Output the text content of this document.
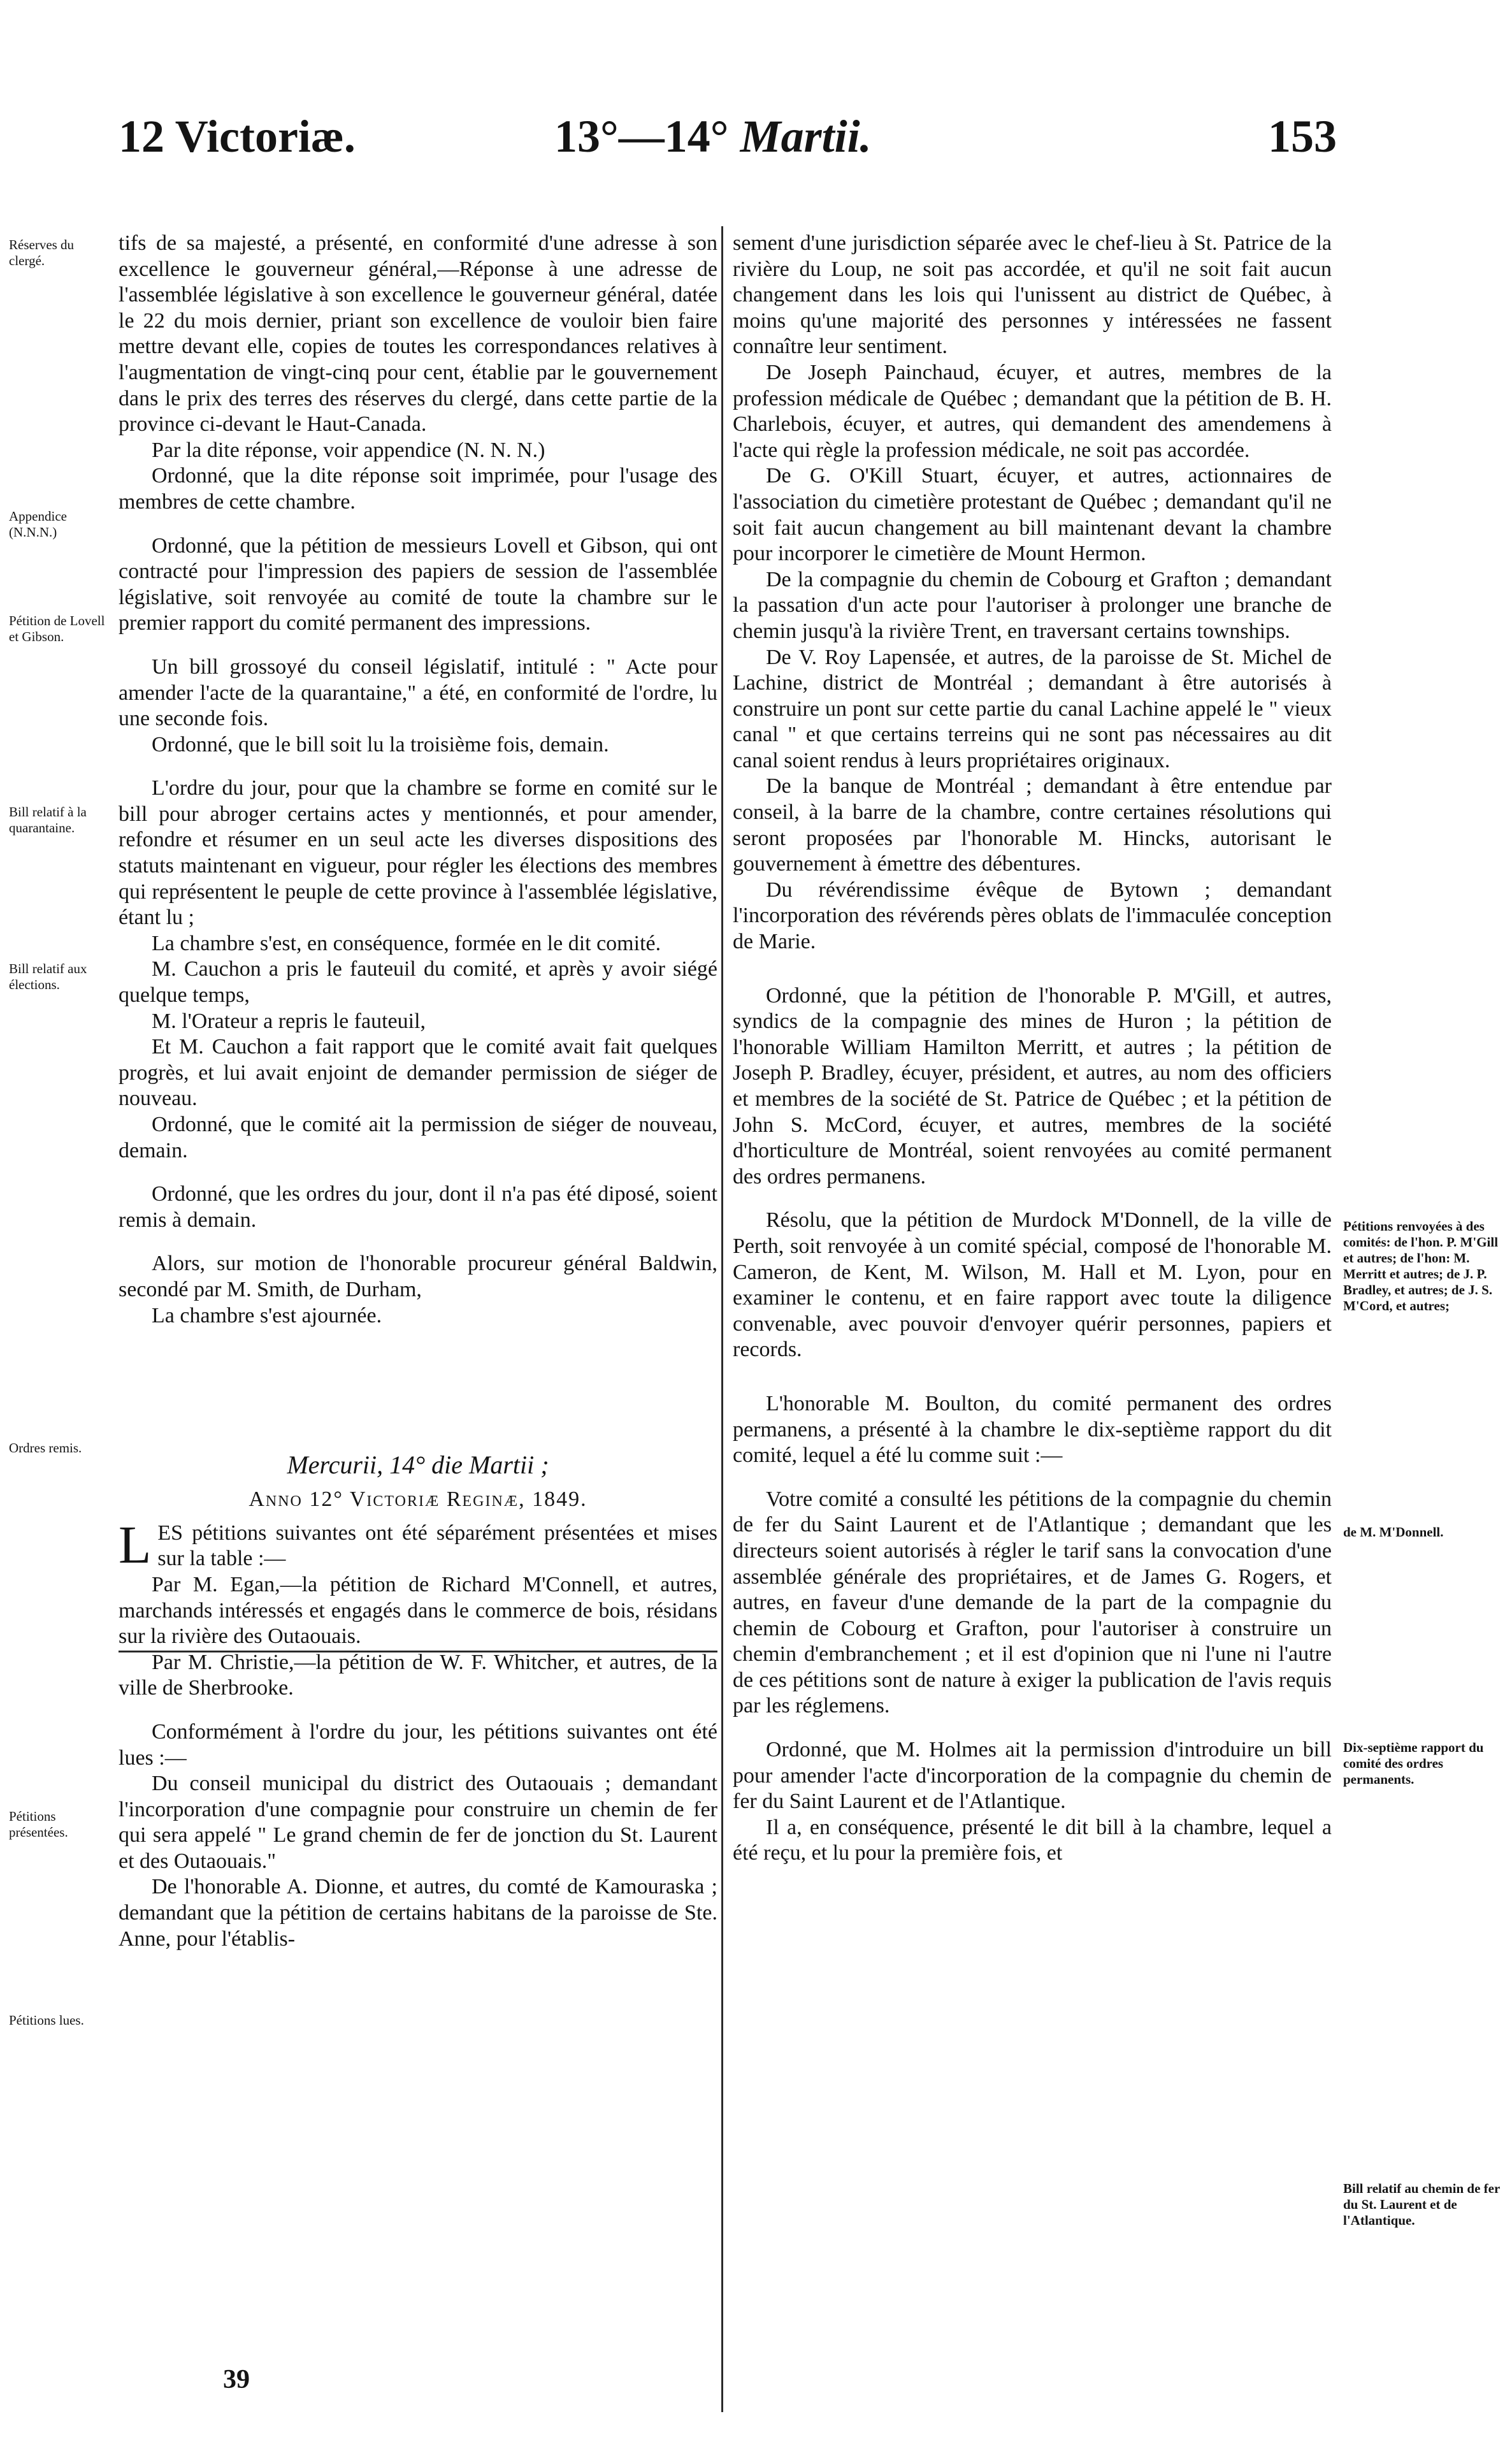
12 Victoriæ.	13°—14° Martii.	153
Réserves du clergé.
Appendice (N.N.N.)
Pétition de Lovell et Gibson.
Bill relatif à la quarantaine.
Bill relatif aux élections.
Ordres remis.
Pétitions présentées.
Pétitions lues.
Pétitions renvoyées à des comités: de l'hon. P. M'Gill et autres; de l'hon: M. Merritt et autres; de J. P. Bradley, et autres; de J. S. M'Cord, et autres;
de M. M'Donnell.
Dix-septième rapport du comité des ordres permanents.
Bill relatif au chemin de fer du St. Laurent et de l'Atlantique.

tifs de sa majesté, a présenté, en conformité d'une adresse à son excellence le gouverneur général,—Réponse à une adresse de l'assemblée législative à son excellence le gouverneur général, datée le 22 du mois dernier, priant son excellence de vouloir bien faire mettre devant elle, copies de toutes les correspondances relatives à l'augmentation de vingt-cinq pour cent, établie par le gouvernement dans le prix des terres des réserves du clergé, dans cette partie de la province ci-devant le Haut-Canada.

Par la dite réponse, voir appendice (N. N. N.)

Ordonné, que la dite réponse soit imprimée, pour l'usage des membres de cette chambre.

Ordonné, que la pétition de messieurs Lovell et Gibson, qui ont contracté pour l'impression des papiers de session de l'assemblée législative, soit renvoyée au comité de toute la chambre sur le premier rapport du comité permanent des impressions.

Un bill grossoyé du conseil législatif, intitulé : " Acte pour amender l'acte de la quarantaine," a été, en conformité de l'ordre, lu une seconde fois.

Ordonné, que le bill soit lu la troisième fois, demain.

L'ordre du jour, pour que la chambre se forme en comité sur le bill pour abroger certains actes y mentionnés, et pour amender, refondre et résumer en un seul acte les diverses dispositions des statuts maintenant en vigueur, pour régler les élections des membres qui représentent le peuple de cette province à l'assemblée législative, étant lu ;

La chambre s'est, en conséquence, formée en le dit comité.

M. Cauchon a pris le fauteuil du comité, et après y avoir siégé quelque temps,

M. l'Orateur a repris le fauteuil,

Et M. Cauchon a fait rapport que le comité avait fait quelques progrès, et lui avait enjoint de demander permission de siéger de nouveau.

Ordonné, que le comité ait la permission de siéger de nouveau, demain.

Ordonné, que les ordres du jour, dont il n'a pas été diposé, soient remis à demain.

Alors, sur motion de l'honorable procureur général Baldwin, secondé par M. Smith, de Durham,

La chambre s'est ajournée.

Mercurii, 14° die Martii ;

Anno 12° Victoriæ Reginæ, 1849.

LES pétitions suivantes ont été séparément présentées et mises sur la table :—

Par M. Egan,—la pétition de Richard M'Connell, et autres, marchands intéressés et engagés dans le commerce de bois, résidans sur la rivière des Outaouais.

Par M. Christie,—la pétition de W. F. Whitcher, et autres, de la ville de Sherbrooke.

Conformément à l'ordre du jour, les pétitions suivantes ont été lues :—

Du conseil municipal du district des Outaouais ; demandant l'incorporation d'une compagnie pour construire un chemin de fer qui sera appelé " Le grand chemin de fer de jonction du St. Laurent et des Outaouais."

De l'honorable A. Dionne, et autres, du comté de Kamouraska ; demandant que la pétition de certains habitans de la paroisse de Ste. Anne, pour l'établis-

sement d'une jurisdiction séparée avec le chef-lieu à St. Patrice de la rivière du Loup, ne soit pas accordée, et qu'il ne soit fait aucun changement dans les lois qui l'unissent au district de Québec, à moins qu'une majorité des personnes y intéressées ne fassent connaître leur sentiment.

De Joseph Painchaud, écuyer, et autres, membres de la profession médicale de Québec ; demandant que la pétition de B. H. Charlebois, écuyer, et autres, qui demandent des amendemens à l'acte qui règle la profession médicale, ne soit pas accordée.

De G. O'Kill Stuart, écuyer, et autres, actionnaires de l'association du cimetière protestant de Québec ; demandant qu'il ne soit fait aucun changement au bill maintenant devant la chambre pour incorporer le cimetière de Mount Hermon.

De la compagnie du chemin de Cobourg et Grafton ; demandant la passation d'un acte pour l'autoriser à prolonger une branche de chemin jusqu'à la rivière Trent, en traversant certains townships.

De V. Roy Lapensée, et autres, de la paroisse de St. Michel de Lachine, district de Montréal ; demandant à être autorisés à construire un pont sur cette partie du canal Lachine appelé le " vieux canal " et que certains terreins qui ne sont pas nécessaires au dit canal soient rendus à leurs propriétaires originaux.

De la banque de Montréal ; demandant à être entendue par conseil, à la barre de la chambre, contre certaines résolutions qui seront proposées par l'honorable M. Hincks, autorisant le gouvernement à émettre des débentures.

Du révérendissime évêque de Bytown ; demandant l'incorporation des révérends pères oblats de l'immaculée conception de Marie.

Ordonné, que la pétition de l'honorable P. M'Gill, et autres, syndics de la compagnie des mines de Huron ; la pétition de l'honorable William Hamilton Merritt, et autres ; la pétition de Joseph P. Bradley, écuyer, président, et autres, au nom des officiers et membres de la société de St. Patrice de Québec ; et la pétition de John S. McCord, écuyer, et autres, membres de la société d'horticulture de Montréal, soient renvoyées au comité permanent des ordres permanens.

Résolu, que la pétition de Murdock M'Donnell, de la ville de Perth, soit renvoyée à un comité spécial, composé de l'honorable M. Cameron, de Kent, M. Wilson, M. Hall et M. Lyon, pour en examiner le contenu, et en faire rapport avec toute la diligence convenable, avec pouvoir d'envoyer quérir personnes, papiers et records.

L'honorable M. Boulton, du comité permanent des ordres permanens, a présenté à la chambre le dix-septième rapport du dit comité, lequel a été lu comme suit :—

Votre comité a consulté les pétitions de la compagnie du chemin de fer du Saint Laurent et de l'Atlantique ; demandant que les directeurs soient autorisés à régler le tarif sans la convocation d'une assemblée générale des propriétaires, et de James G. Rogers, et autres, en faveur d'une demande de la part de la compagnie du chemin de Cobourg et Grafton, pour l'autoriser à construire un chemin d'embranchement ; et il est d'opinion que ni l'une ni l'autre de ces pétitions sont de nature à exiger la publication de l'avis requis par les réglemens.

Ordonné, que M. Holmes ait la permission d'introduire un bill pour amender l'acte d'incorporation de la compagnie du chemin de fer du Saint Laurent et de l'Atlantique.

Il a, en conséquence, présenté le dit bill à la chambre, lequel a été reçu, et lu pour la première fois, et

39
